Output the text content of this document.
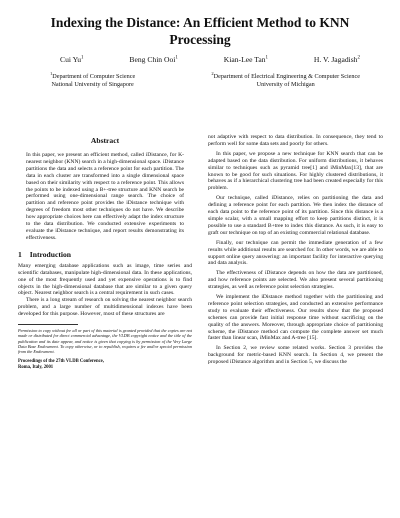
Indexing the Distance: An Efficient Method to KNN Processing
Cui Yu$^1$	Beng Chin Ooi$^1$	Kian-Lee Tan$^1$	H. V. Jagadish$^2$
$^1$Department of Computer Science
National University of Singapore
$^2$Department of Electrical Engineering & Computer Science
University of Michigan
Abstract

In this paper, we present an efficient method, called iDistance, for K-nearest neighbor (KNN) search in a high-dimensional space. iDistance partitions the data and selects a reference point for each partition. The data in each cluster are transformed into a single dimensional space based on their similarity with respect to a reference point. This allows the points to be indexed using a B+-tree structure and KNN search be performed using one-dimensional range search. The choice of partition and reference point provides the iDistance technique with degrees of freedom most other techniques do not have. We describe how appropriate choices here can effectively adapt the index structure to the data distribution. We conducted extensive experiments to evaluate the iDistance technique, and report results demonstrating its effectiveness.

1 Introduction

Many emerging database applications such as image, time series and scientific databases, manipulate high-dimensional data. In these applications, one of the most frequently used and yet expensive operations is to find objects in the high-dimensional database that are similar to a given query object. Nearest neighbor search is a central requirement in such cases.

There is a long stream of research on solving the nearest neighbor search problem, and a large number of multidimensional indexes have been developed for this purpose. However, most of these structures are

Permission to copy without fee all or part of this material is granted provided that the copies are not made or distributed for direct commercial advantage, the VLDB copyright notice and the title of the publication and its date appear, and notice is given that copying is by permission of the Very Large Data Base Endowment. To copy otherwise, or to republish, requires a fee and/or special permission from the Endowment.

Proceedings of the 27th VLDB Conference,
Roma, Italy, 2001

not adaptive with respect to data distribution. In consequence, they tend to perform well for some data sets and poorly for others.

In this paper, we propose a new technique for KNN search that can be adapted based on the data distribution. For uniform distributions, it behaves similar to techniques such as pyramid tree[1] and iMinMax[13], that are known to be good for such situations. For highly clustered distributions, it behaves as if a hierarchical clustering tree had been created especially for this problem.

Our technique, called iDistance, relies on partitioning the data and defining a reference point for each partition. We then index the distance of each data point to the reference point of its partition. Since this distance is a simple scalar, with a small mapping effort to keep partitions distinct, it is possible to use a standard B+tree to index this distance. As such, it is easy to graft our technique on top of an existing commercial relational database.

Finally, our technique can permit the immediate generation of a few results while additional results are searched for. In other words, we are able to support online query answering: an important facility for interactive querying and data analysis.

The effectiveness of iDistance depends on how the data are partitioned, and how reference points are selected. We also present several partitioning strategies, as well as reference point selection strategies.

We implement the iDistance method together with the partitioning and reference point selection strategies, and conducted an extensive performance study to evaluate their effectiveness. Our results show that the proposed schemes can provide fast initial response time without sacrificing on the quality of the answers. Moreover, through appropriate choice of partitioning scheme, the iDistance method can compute the complete answer set much faster than linear scan, iMinMax and A-tree [15].

In Section 2, we review some related works. Section 3 provides the background for metric-based KNN search. In Section 4, we present the proposed iDistance algorithm and in Section 5, we discuss the
